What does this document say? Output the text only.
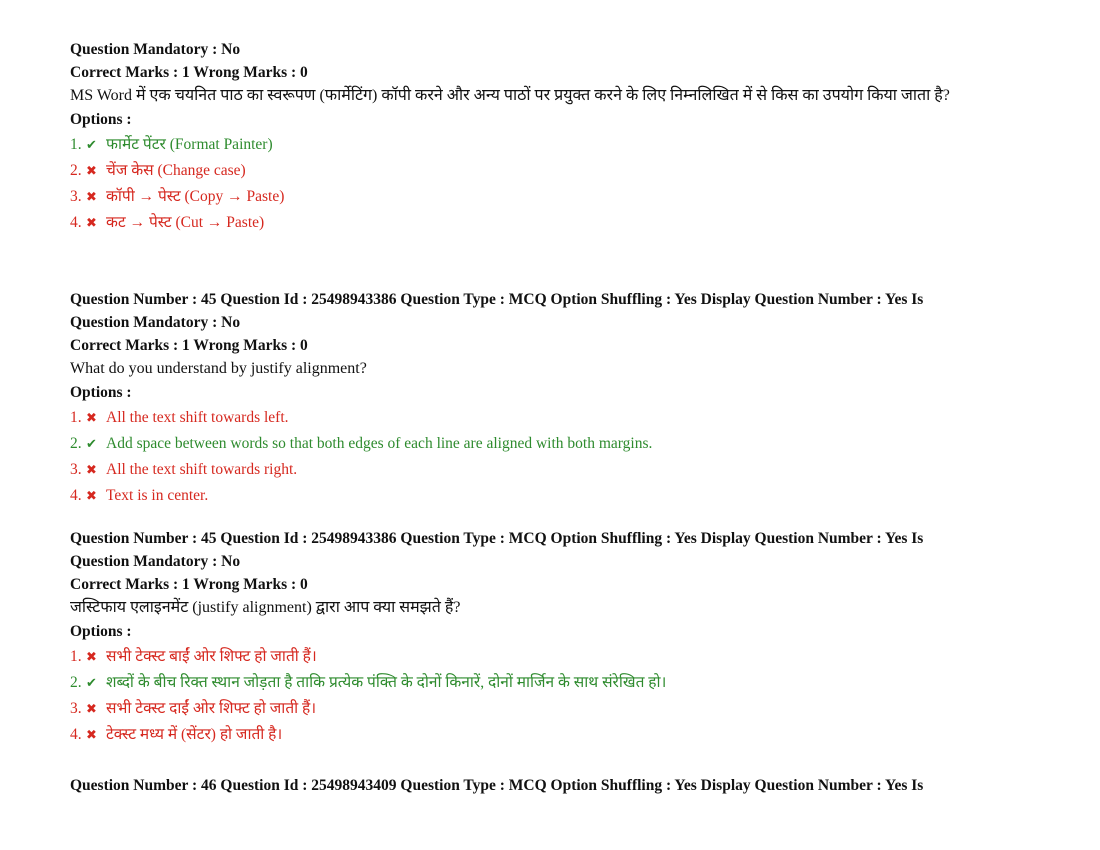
Question Mandatory : No
Correct Marks : 1 Wrong Marks : 0
MS Word में एक चयनित पाठ का स्वरूपण (फार्मेटिंग) कॉपी करने और अन्य पाठों पर प्रयुक्त करने के लिए निम्नलिखित में से किस का उपयोग किया जाता है?
Options :
1. ✔ फार्मेट पेंटर (Format Painter)
2. ✖ चेंज केस (Change case)
3. ✖ कॉपी → पेस्ट (Copy → Paste)
4. ✖ कट → पेस्ट (Cut → Paste)
Question Number : 45 Question Id : 25498943386 Question Type : MCQ Option Shuffling : Yes Display Question Number : Yes Is
Question Mandatory : No
Correct Marks : 1 Wrong Marks : 0
What do you understand by justify alignment?
Options :
1. ✖ All the text shift towards left.
2. ✔ Add space between words so that both edges of each line are aligned with both margins.
3. ✖ All the text shift towards right.
4. ✖ Text is in center.
Question Number : 45 Question Id : 25498943386 Question Type : MCQ Option Shuffling : Yes Display Question Number : Yes Is
Question Mandatory : No
Correct Marks : 1 Wrong Marks : 0
जस्टिफाय एलाइनमेंट (justify alignment) द्वारा आप क्या समझते हैं?
Options :
1. ✖ सभी टेक्स्ट बाईं ओर शिफ्ट हो जाती हैं।
2. ✔ शब्दों के बीच रिक्त स्थान जोड़ता है ताकि प्रत्येक पंक्ति के दोनों किनारें, दोनों मार्जिन के साथ संरेखित हो।
3. ✖ सभी टेक्स्ट दाईं ओर शिफ्ट हो जाती हैं।
4. ✖ टेक्स्ट मध्य में (सेंटर) हो जाती है।
Question Number : 46 Question Id : 25498943409 Question Type : MCQ Option Shuffling : Yes Display Question Number : Yes Is
